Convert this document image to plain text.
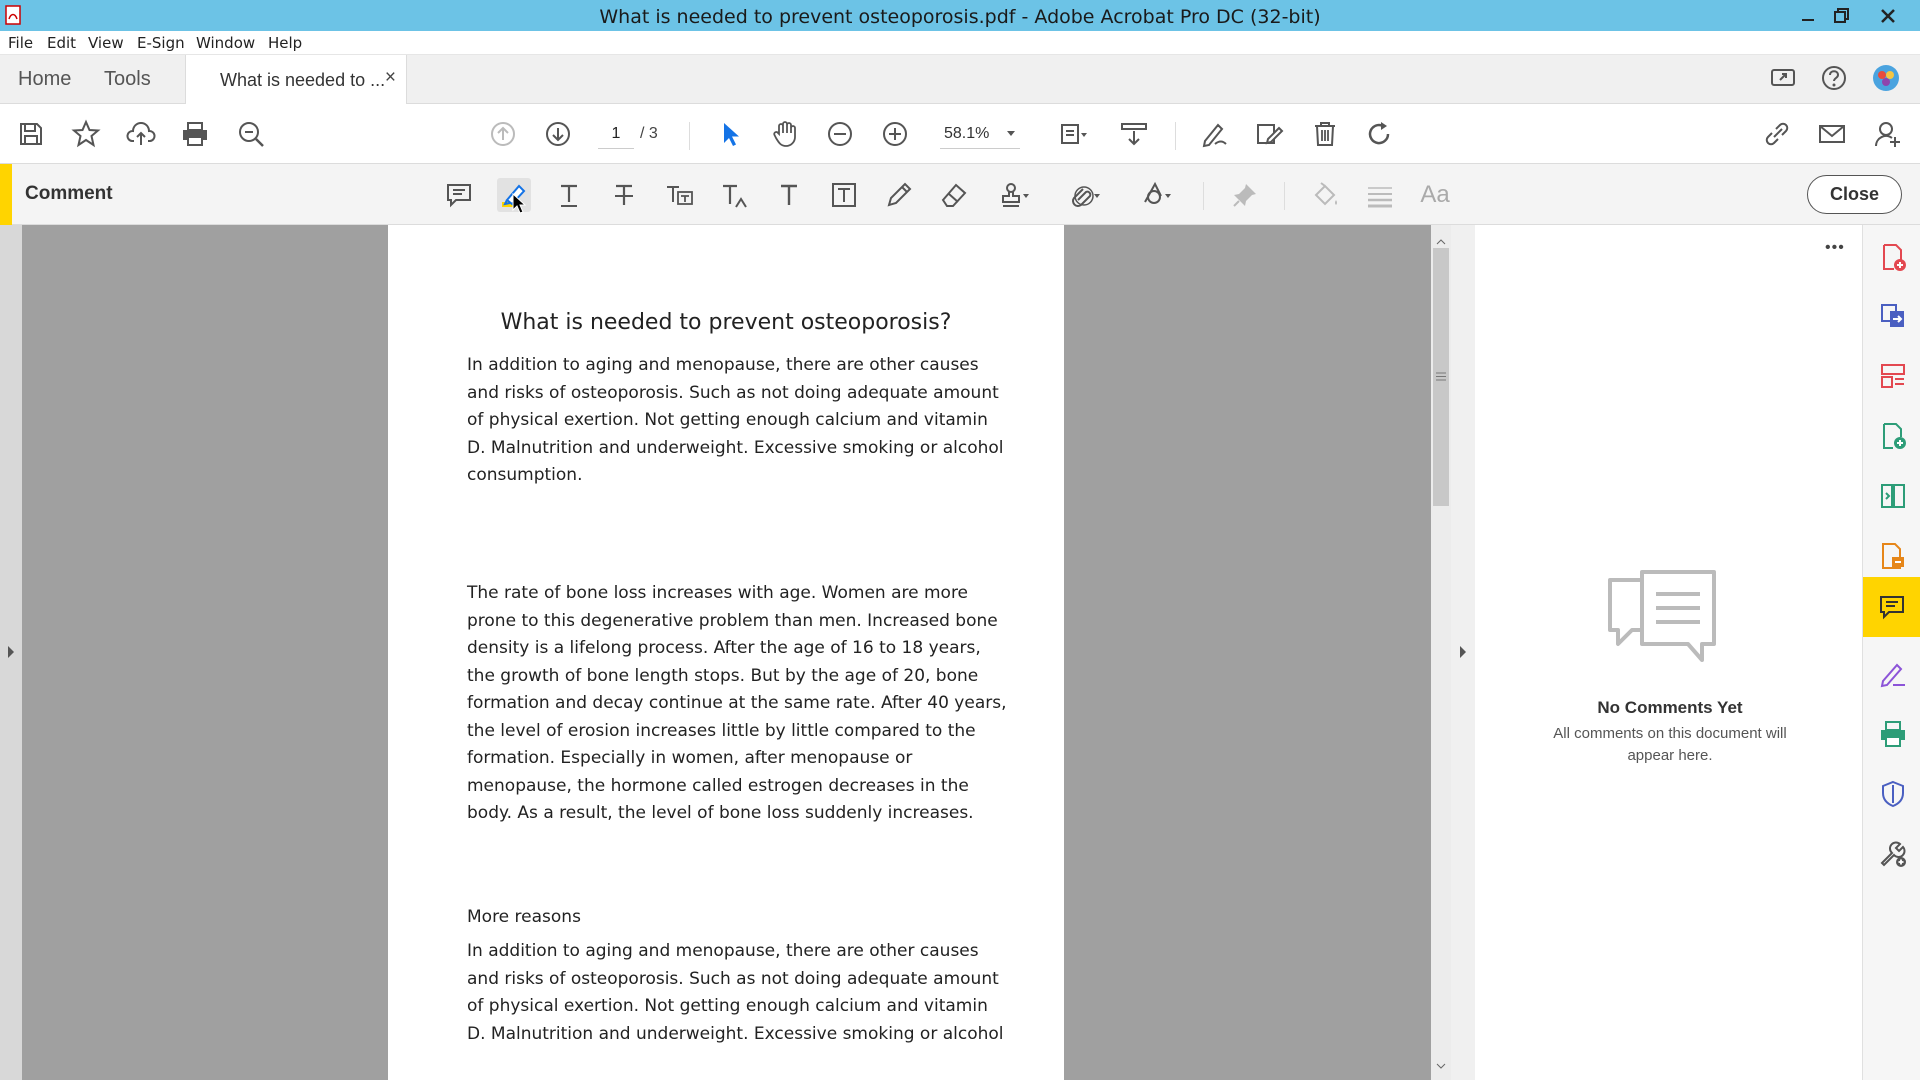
What is needed to prevent osteoporosis.pdf - Adobe Acrobat Pro DC (32-bit)
File Edit View E-Sign Window Help
Home Tools	What is needed to ... ×
1	/ 3	58.1%
Comment	Aa	Close
What is needed to prevent osteoporosis?
In addition to aging and menopause, there are other causes and risks of osteoporosis. Such as not doing adequate amount of physical exertion. Not getting enough calcium and vitamin D. Malnutrition and underweight. Excessive smoking or alcohol consumption.
The rate of bone loss increases with age. Women are more prone to this degenerative problem than men. Increased bone density is a lifelong process. After the age of 16 to 18 years, the growth of bone length stops. But by the age of 20, bone formation and decay continue at the same rate. After 40 years, the level of erosion increases little by little compared to the formation. Especially in women, after menopause or menopause, the hormone called estrogen decreases in the body. As a result, the level of bone loss suddenly increases.
More reasons
In addition to aging and menopause, there are other causes and risks of osteoporosis. Such as not doing adequate amount of physical exertion. Not getting enough calcium and vitamin D. Malnutrition and underweight. Excessive smoking or alcohol
•••
No Comments Yet
All comments on this document will appear here.
